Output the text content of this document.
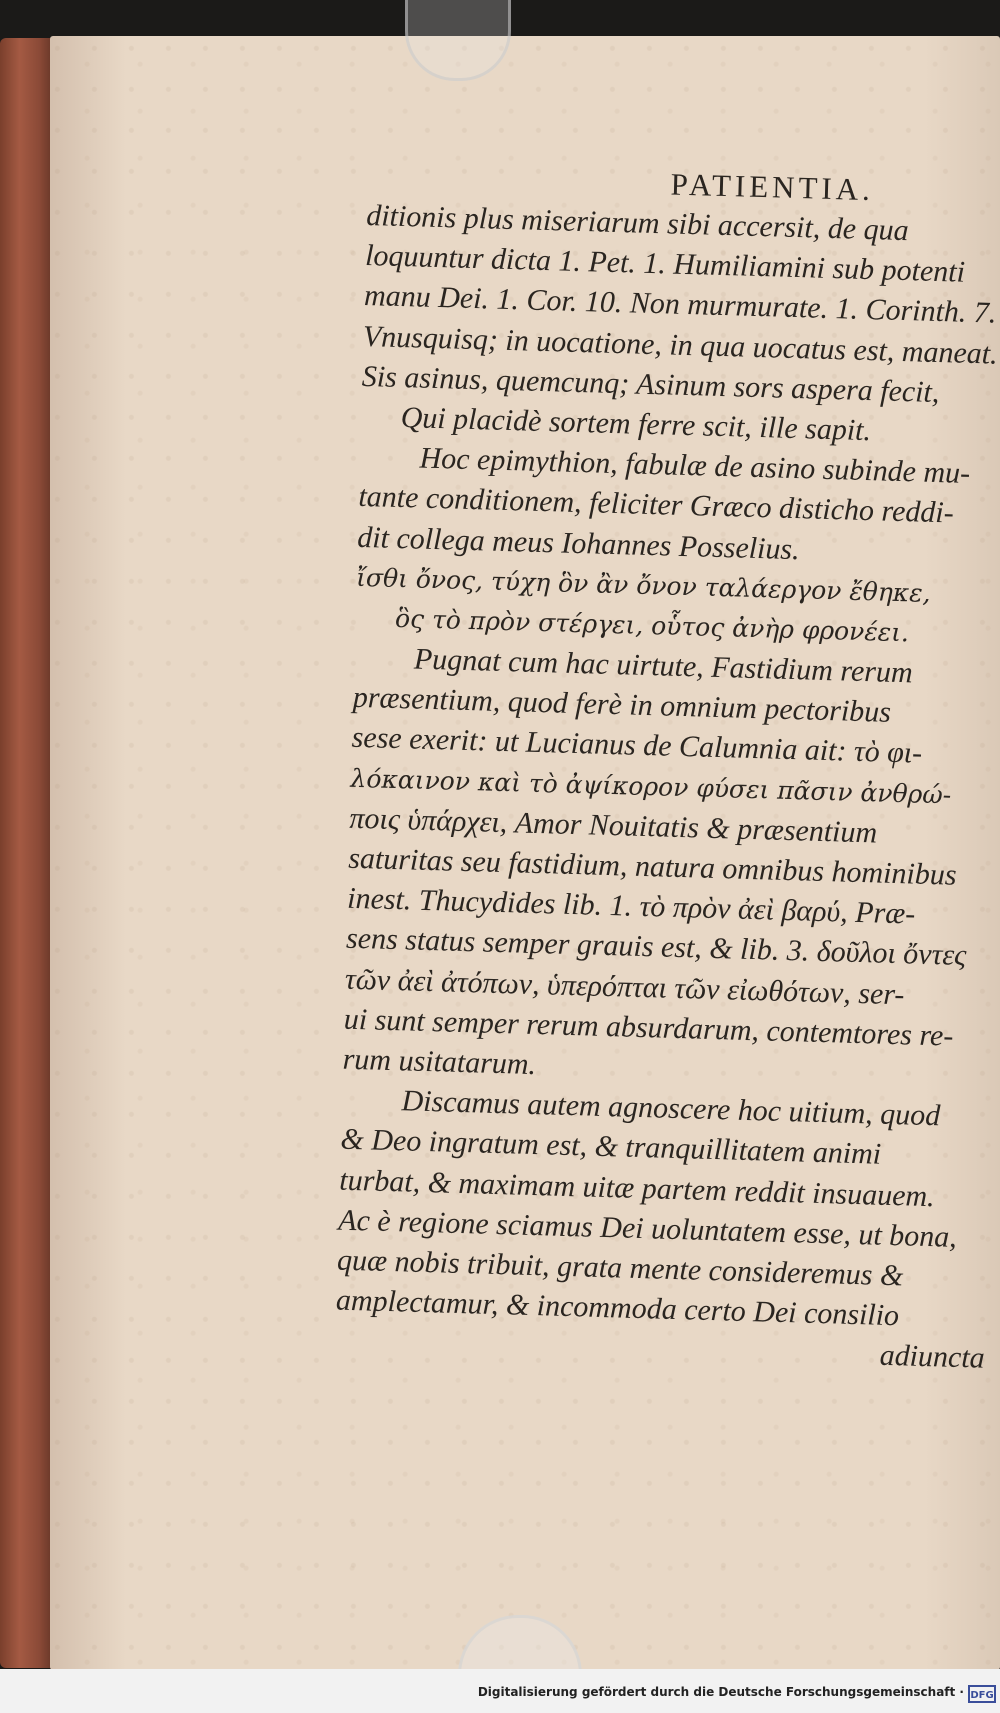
PATIENTIA.
ditionis plus miseriarum sibi accersit, de qua
loquuntur dicta 1. Pet. 1. Humiliamini sub potenti
manu Dei. 1. Cor. 10. Non murmurate. 1. Corinth. 7.
Vnusquisq; in uocatione, in qua uocatus est, maneat.
Sis asinus, quemcunq; Asinum sors aspera fecit,
Qui placidè sortem ferre scit, ille sapit.
Hoc epimythion, fabulæ de asino subinde mu-
tante conditionem, feliciter Græco disticho reddi-
dit collega meus Iohannes Posselius.
ἴσθι ὄνος, τύχη ὃν ἂν ὄνον ταλάεργον ἔθηκε,
ὃς τὸ πρὸν στέργει, οὗτος ἀνὴρ φρονέει.
Pugnat cum hac uirtute, Fastidium rerum
præsentium, quod ferè in omnium pectoribus
sese exerit: ut Lucianus de Calumnia ait: τὸ φι-
λόκαινον καὶ τὸ ἀψίκορον φύσει πᾶσιν ἀνθρώ-
ποις ὑπάρχει, Amor Nouitatis & præsentium
saturitas seu fastidium, natura omnibus hominibus
inest. Thucydides lib. 1. τὸ πρὸν ἀεὶ βαρύ, Præ-
sens status semper grauis est, & lib. 3. δοῦλοι ὄντες
τῶν ἀεὶ ἀτόπων, ὑπερόπται τῶν εἰωθότων, ser-
ui sunt semper rerum absurdarum, contemtores re-
rum usitatarum.
Discamus autem agnoscere hoc uitium, quod
& Deo ingratum est, & tranquillitatem animi
turbat, & maximam uitæ partem reddit insuauem.
Ac è regione sciamus Dei uoluntatem esse, ut bona,
quæ nobis tribuit, grata mente consideremus &
amplectamur, & incommoda certo Dei consilio
adiuncta
Digitalisierung gefördert durch die Deutsche Forschungsgemeinschaft · DFG
